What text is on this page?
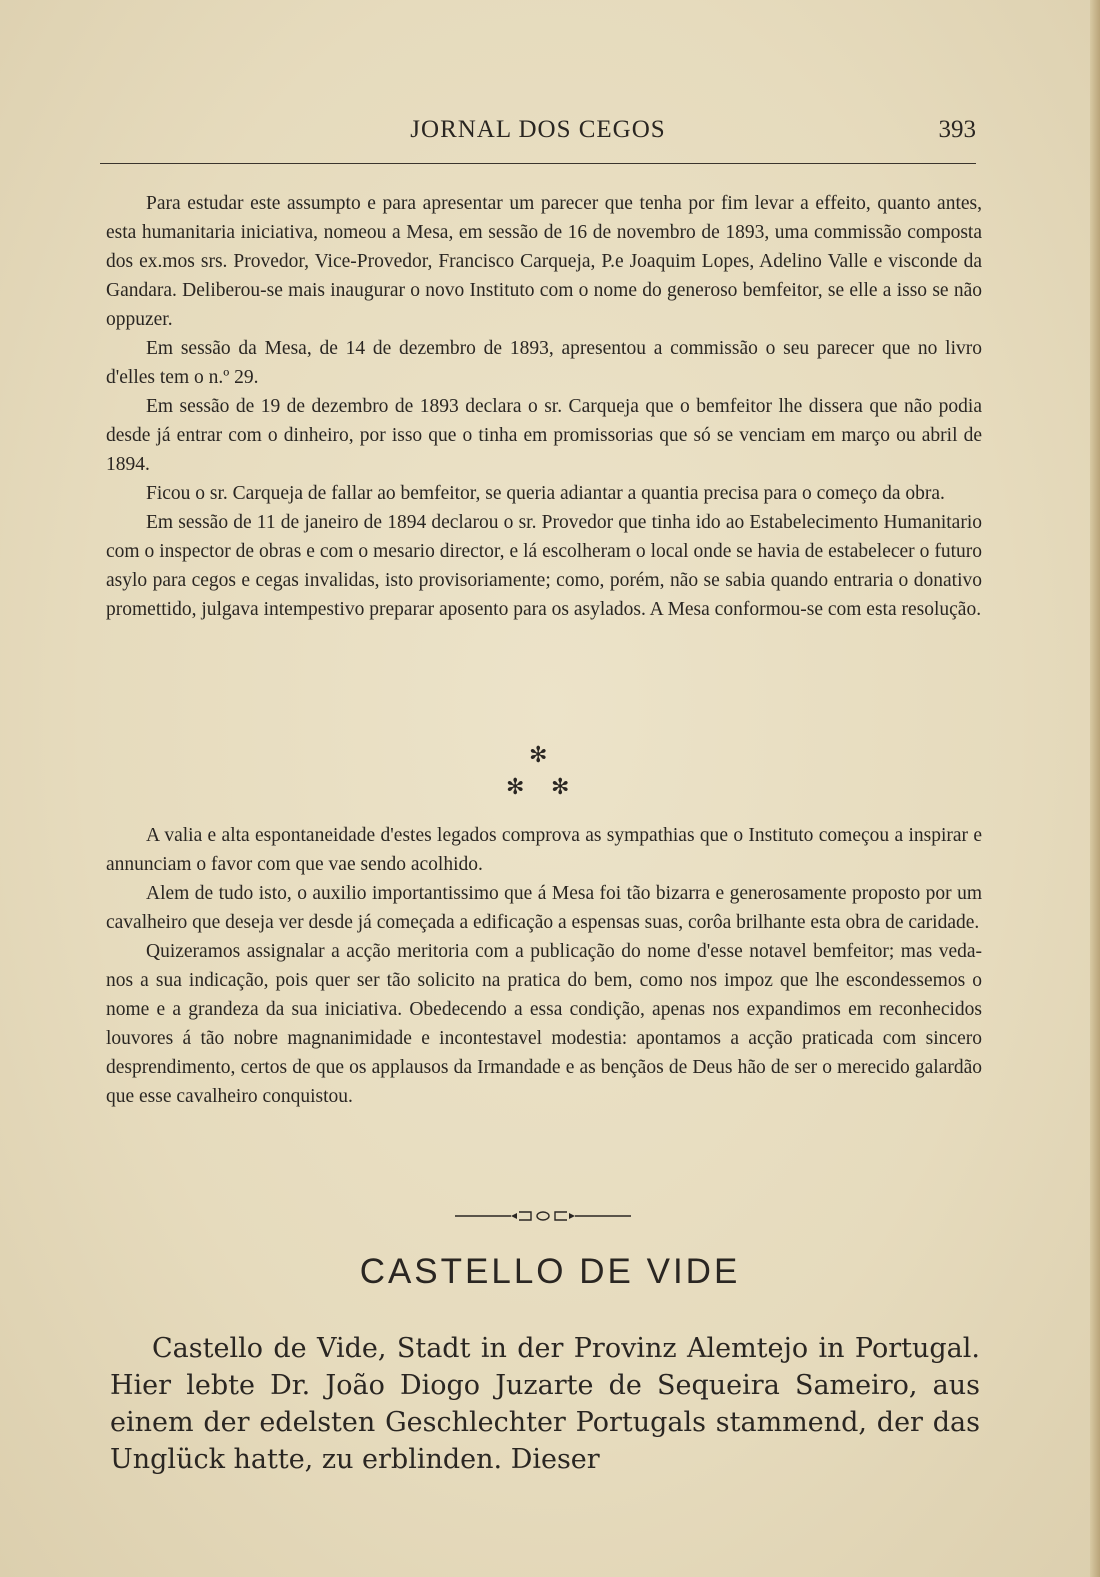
JORNAL DOS CEGOS	393

Para estudar este assumpto e para apresentar um parecer que tenha por fim levar a effeito, quanto antes, esta humanitaria iniciativa, nomeou a Mesa, em sessão de 16 de novembro de 1893, uma commissão composta dos ex.mos srs. Provedor, Vice-Provedor, Francisco Carqueja, P.e Joaquim Lopes, Adelino Valle e visconde da Gandara. Deliberou-se mais inaugurar o novo Instituto com o nome do generoso bemfeitor, se elle a isso se não oppuzer.

Em sessão da Mesa, de 14 de dezembro de 1893, apresentou a commissão o seu parecer que no livro d'elles tem o n.º 29.

Em sessão de 19 de dezembro de 1893 declara o sr. Carqueja que o bemfeitor lhe dissera que não podia desde já entrar com o dinheiro, por isso que o tinha em promissorias que só se venciam em março ou abril de 1894.

Ficou o sr. Carqueja de fallar ao bemfeitor, se queria adiantar a quantia precisa para o começo da obra.

Em sessão de 11 de janeiro de 1894 declarou o sr. Provedor que tinha ido ao Estabelecimento Humanitario com o inspector de obras e com o mesario director, e lá escolheram o local onde se havia de estabelecer o futuro asylo para cegos e cegas invalidas, isto provisoriamente; como, porém, não se sabia quando entraria o donativo promettido, julgava intempestivo preparar aposento para os asylados. A Mesa conformou-se com esta resolução.

✻
✻ ✻

A valia e alta espontaneidade d'estes legados comprova as sympathias que o Instituto começou a inspirar e annunciam o favor com que vae sendo acolhido.

Alem de tudo isto, o auxilio importantissimo que á Mesa foi tão bizarra e generosamente proposto por um cavalheiro que deseja ver desde já começada a edificação a espensas suas, corôa brilhante esta obra de caridade.

Quizeramos assignalar a acção meritoria com a publicação do nome d'esse notavel bemfeitor; mas veda-nos a sua indicação, pois quer ser tão solicito na pratica do bem, como nos impoz que lhe escondessemos o nome e a grandeza da sua iniciativa. Obedecendo a essa condição, apenas nos expandimos em reconhecidos louvores á tão nobre magnanimidade e incontestavel modestia: apontamos a acção praticada com sincero desprendimento, certos de que os applausos da Irmandade e as bençãos de Deus hão de ser o merecido galardão que esse cavalheiro conquistou.

CASTELLO DE VIDE

Castello de Vide, Stadt in der Provinz Alemtejo in Portugal. Hier lebte Dr. João Diogo Juzarte de Sequeira Sameiro, aus einem der edelsten Geschlechter Portugals stammend, der das Unglück hatte, zu erblinden. Dieser
